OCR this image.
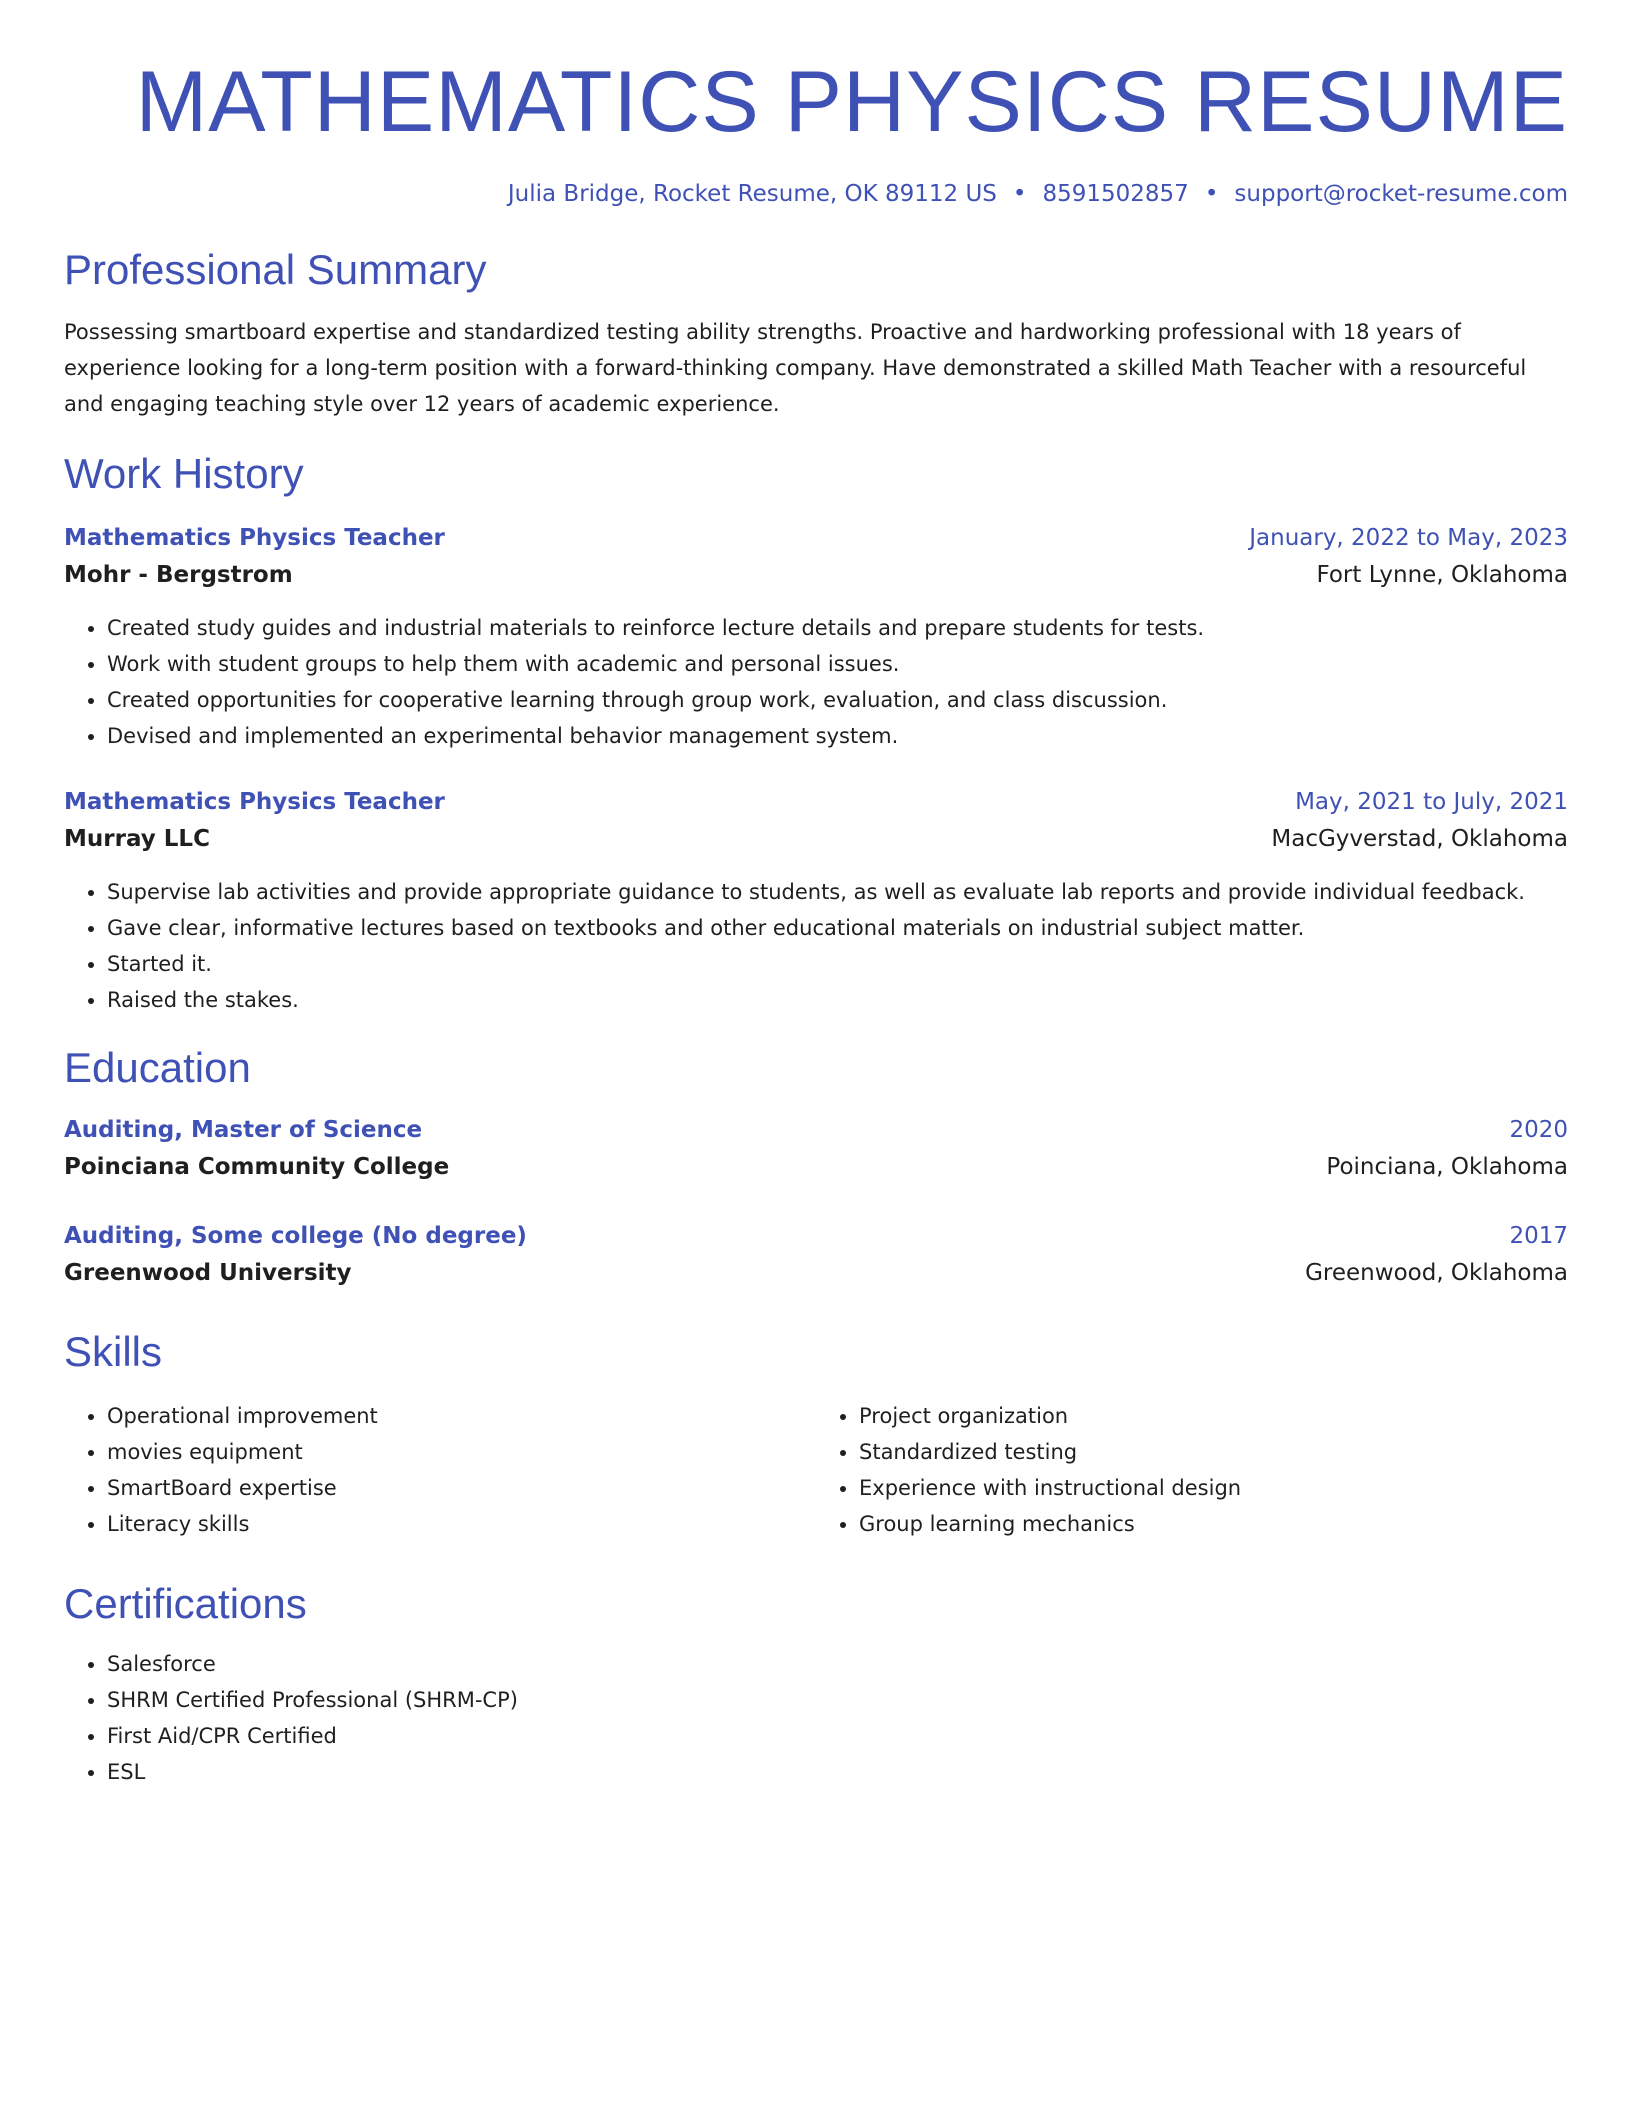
MATHEMATICS PHYSICS RESUME
Julia Bridge, Rocket Resume, OK 89112 US • 8591502857 • support@rocket-resume.com
Professional Summary
Possessing smartboard expertise and standardized testing ability strengths. Proactive and hardworking professional with 18 years of experience looking for a long-term position with a forward-thinking company. Have demonstrated a skilled Math Teacher with a resourceful and engaging teaching style over 12 years of academic experience.
Work History
Mathematics Physics Teacher	January, 2022 to May, 2023
Mohr - Bergstrom	Fort Lynne, Oklahoma
• Created study guides and industrial materials to reinforce lecture details and prepare students for tests.
• Work with student groups to help them with academic and personal issues.
• Created opportunities for cooperative learning through group work, evaluation, and class discussion.
• Devised and implemented an experimental behavior management system.
Mathematics Physics Teacher	May, 2021 to July, 2021
Murray LLC	MacGyverstad, Oklahoma
• Supervise lab activities and provide appropriate guidance to students, as well as evaluate lab reports and provide individual feedback.
• Gave clear, informative lectures based on textbooks and other educational materials on industrial subject matter.
• Started it.
• Raised the stakes.
Education
Auditing, Master of Science	2020
Poinciana Community College	Poinciana, Oklahoma
Auditing, Some college (No degree)	2017
Greenwood University	Greenwood, Oklahoma
Skills
• Operational improvement
• movies equipment
• SmartBoard expertise
• Literacy skills
• Project organization
• Standardized testing
• Experience with instructional design
• Group learning mechanics
Certifications
• Salesforce
• SHRM Certified Professional (SHRM-CP)
• First Aid/CPR Certified
• ESL
